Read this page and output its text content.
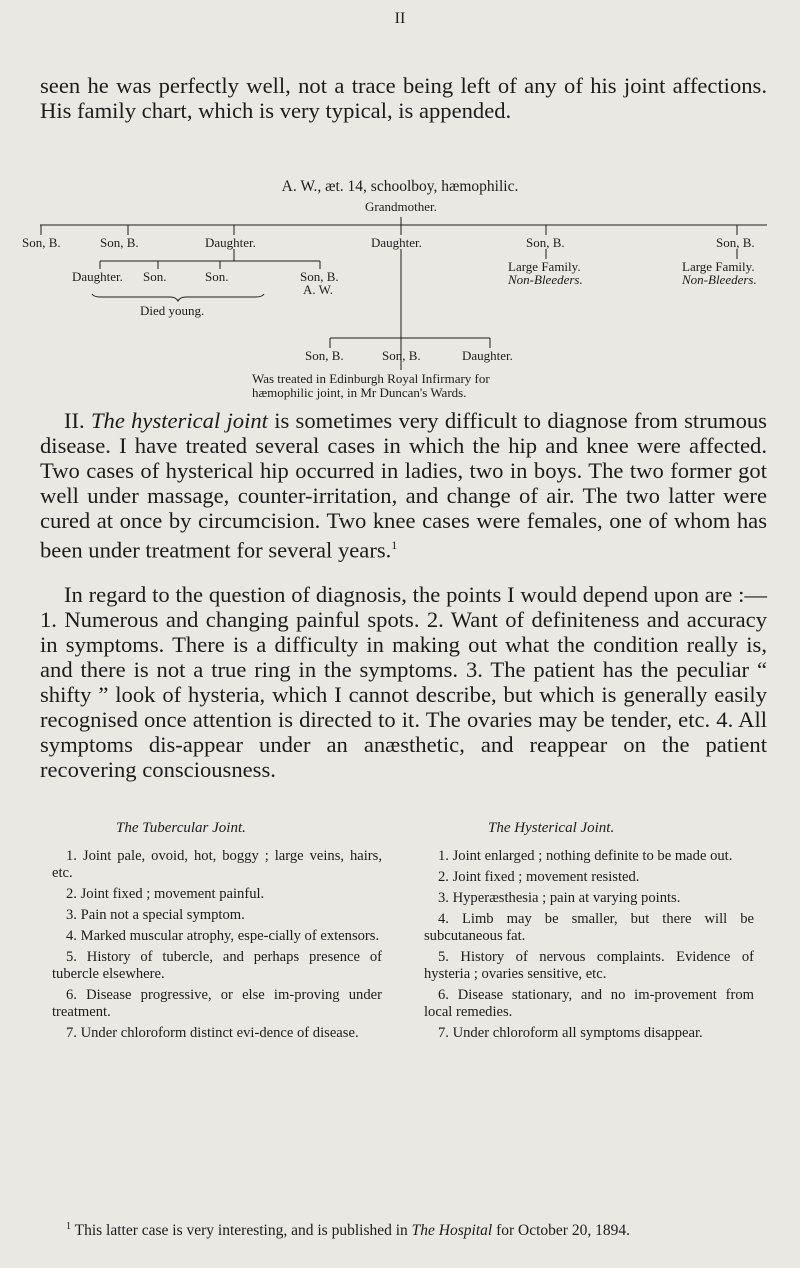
II

seen he was perfectly well, not a trace being left of any of his joint affections. His family chart, which is very typical, is appended.

A. W., æt. 14, schoolboy, hæmophilic.
Grandmother.
Son, B.	Son, B.	Daughter.	Daughter.	Son, B.	Son, B.
Daughter. Son.	Son.	Son, B.
A. W.
Died young.
Large Family.
Non-Bleeders.
Large Family.
Non-Bleeders.
Son, B.	Son, B.	Daughter.
Was treated in Edinburgh Royal Infirmary for hæmophilic joint, in Mr Duncan's Wards.

II. The hysterical joint is sometimes very difficult to diagnose from strumous disease. I have treated several cases in which the hip and knee were affected. Two cases of hysterical hip occurred in ladies, two in boys. The two former got well under massage, counter-irritation, and change of air. The two latter were cured at once by circumcision. Two knee cases were females, one of whom has been under treatment for several years.$^1$

In regard to the question of diagnosis, the points I would depend upon are :—1. Numerous and changing painful spots. 2. Want of definiteness and accuracy in symptoms. There is a difficulty in making out what the condition really is, and there is not a true ring in the symptoms. 3. The patient has the peculiar “ shifty ” look of hysteria, which I cannot describe, but which is generally easily recognised once attention is directed to it. The ovaries may be tender, etc. 4. All symptoms dis-appear under an anæsthetic, and reappear on the patient recovering consciousness.

The Tubercular Joint.	The Hysterical Joint.

1. Joint pale, ovoid, hot, boggy ; large veins, hairs, etc.

2. Joint fixed ; movement painful.

3. Pain not a special symptom.

4. Marked muscular atrophy, espe-cially of extensors.

5. History of tubercle, and perhaps presence of tubercle elsewhere.

6. Disease progressive, or else im-proving under treatment.

7. Under chloroform distinct evi-dence of disease.

1. Joint enlarged ; nothing definite to be made out.

2. Joint fixed ; movement resisted.

3. Hyperæsthesia ; pain at varying points.

4. Limb may be smaller, but there will be subcutaneous fat.

5. History of nervous complaints. Evidence of hysteria ; ovaries sensitive, etc.

6. Disease stationary, and no im-provement from local remedies.

7. Under chloroform all symptoms disappear.

$^1$ This latter case is very interesting, and is published in The Hospital for October 20, 1894.
